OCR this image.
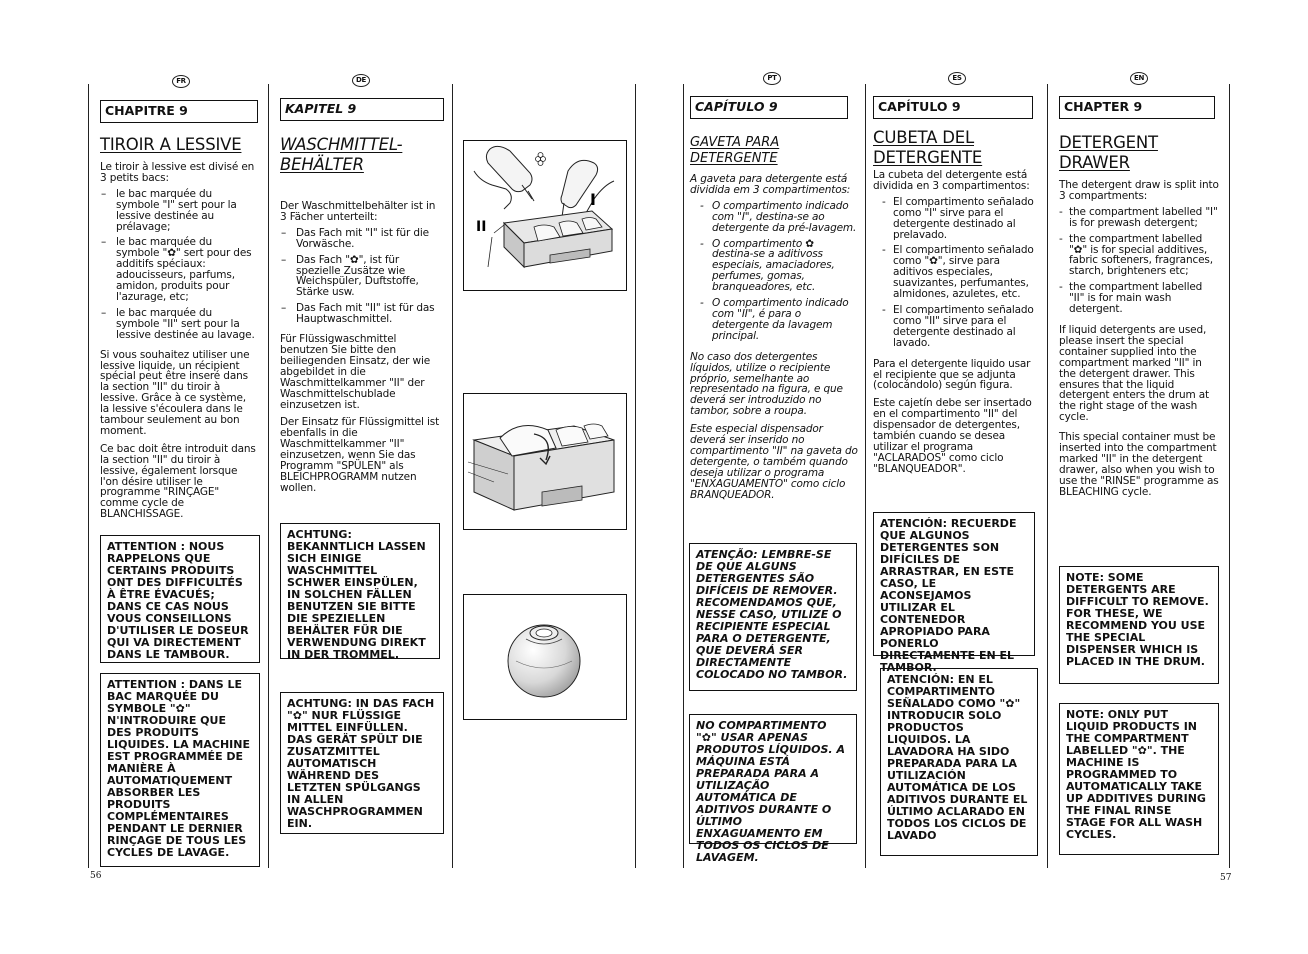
FR	DE	PT	ES	EN
CHAPITRE 9
TIROIR A LESSIVE

Le tiroir à lessive est divisé en 3 petits bacs:

– le bac marquée du symbole "I" sert pour la lessive destinée au prélavage;
– le bac marquée du symbole "✿" sert pour des additifs spéciaux: adoucisseurs, parfums, amidon, produits pour l'azurage, etc;
– le bac marquée du symbole "II" sert pour la lessive destinée au lavage.

Si vous souhaitez utiliser une lessive liquide, un récipient spécial peut être inseré dans la section "II" du tiroir à lessive. Grâce à ce système, la lessive s'écoulera dans le tambour seulement au bon moment.

Ce bac doit être introduit dans la section "II" du tiroir à lessive, également lorsque l'on désire utiliser le programme "RINÇAGE" comme cycle de BLANCHISSAGE.

ATTENTION : NOUS RAPPELONS QUE CERTAINS PRODUITS ONT DES DIFFICULTÉS À ÊTRE ÉVACUÉS; DANS CE CAS NOUS VOUS CONSEILLONS D'UTILISER LE DOSEUR QUI VA DIRECTEMENT DANS LE TAMBOUR.
ATTENTION : DANS LE BAC MARQUÉE DU SYMBOLE "✿" N'INTRODUIRE QUE DES PRODUITS LIQUIDES. LA MACHINE EST PROGRAMMÉE DE MANIÈRE À AUTOMATIQUEMENT ABSORBER LES PRODUITS COMPLÉMENTAIRES PENDANT LE DERNIER RINÇAGE DE TOUS LES CYCLES DE LAVAGE.
KAPITEL 9
WASCHMITTEL- BEHÄLTER

Der Waschmittelbehälter ist in 3 Fächer unterteilt:

– Das Fach mit "I" ist für die Vorwäsche.
– Das Fach "✿", ist für spezielle Zusätze wie Weichspüler, Duftstoffe, Stärke usw.
– Das Fach mit "II" ist für das Hauptwaschmittel.

Für Flüssigwaschmittel benutzen Sie bitte den beiliegenden Einsatz, der wie abgebildet in die Waschmittelkammer "II" der Waschmittelschublade einzusetzen ist.

Der Einsatz für Flüssigmittel ist ebenfalls in die Waschmittelkammer "II" einzusetzen, wenn Sie das Programm "SPÜLEN" als BLEICHPROGRAMM nutzen wollen.

ACHTUNG: BEKANNTLICH LASSEN SICH EINIGE WASCHMITTEL SCHWER EINSPÜLEN, IN SOLCHEN FÄLLEN BENUTZEN SIE BITTE DIE SPEZIELLEN BEHÄLTER FÜR DIE VERWENDUNG DIREKT IN DER TROMMEL.
ACHTUNG: IN DAS FACH "✿" NUR FLÜSSIGE MITTEL EINFÜLLEN. DAS GERÄT SPÜLT DIE ZUSATZMITTEL AUTOMATISCH WÄHREND DES LETZTEN SPÜLGANGS IN ALLEN WASCHPROGRAMMEN EIN.
II
I
CAPÍTULO 9
GAVETA PARA DETERGENTE

A gaveta para detergente está dividida em 3 compartimentos:

- O compartimento indicado com "I", destina-se ao detergente da pré-lavagem.
- O compartimento ✿ destina-se a aditivoss especiais, amaciadores, perfumes, gomas, branqueadores, etc.
- O compartimento indicado com "II", é para o detergente da lavagem principal.

No caso dos detergentes líquidos, utilize o recipiente próprio, semelhante ao representado na figura, e que deverá ser introduzido no tambor, sobre a roupa.

Este especial dispensador deverá ser inserido no compartimento "II" na gaveta do detergente, o também quando deseja utilizar o programa "ENXAGUAMENTO" como ciclo BRANQUEADOR.

ATENÇÃO: LEMBRE-SE DE QUE ALGUNS DETERGENTES SÃO DIFÍCEIS DE REMOVER. RECOMENDAMOS QUE, NESSE CASO, UTILIZE O RECIPIENTE ESPECIAL PARA O DETERGENTE, QUE DEVERÁ SER DIRECTAMENTE COLOCADO NO TAMBOR.
NO COMPARTIMENTO "✿" USAR APENAS PRODUTOS LÍQUIDOS. A MÁQUINA ESTÁ PREPARADA PARA A UTILIZAÇÃO AUTOMÁTICA DE ADITIVOS DURANTE O ÚLTIMO ENXAGUAMENTO EM TODOS OS CICLOS DE LAVAGEM.
CAPÍTULO 9
CUBETA DEL DETERGENTE

La cubeta del detergente está dividida en 3 compartimentos:

- El compartimento señalado como "I" sirve para el detergente destinado al prelavado.
- El compartimento señalado como "✿", sirve para aditivos especiales, suavizantes, perfumantes, almidones, azuletes, etc.
- El compartimento señalado como "II" sirve para el detergente destinado al lavado.

Para el detergente liquido usar el recipiente que se adjunta (colocándolo) según figura.

Este cajetín debe ser insertado en el compartimento "II" del dispensador de detergentes, también cuando se desea utilizar el programa "ACLARADOS" como ciclo "BLANQUEADOR".

ATENCIÓN: RECUERDE QUE ALGUNOS DETERGENTES SON DIFÍCILES DE ARRASTRAR, EN ESTE CASO, LE ACONSEJAMOS UTILIZAR EL CONTENEDOR APROPIADO PARA PONERLO DIRECTAMENTE EN EL TAMBOR.
ATENCIÓN: EN EL COMPARTIMENTO SEÑALADO COMO "✿" INTRODUCIR SOLO PRODUCTOS LIQUIDOS. LA LAVADORA HA SIDO PREPARADA PARA LA UTILIZACIÓN AUTOMÁTICA DE LOS ADITIVOS DURANTE EL ÚLTIMO ACLARADO EN TODOS LOS CICLOS DE LAVADO
CHAPTER 9
DETERGENT DRAWER

The detergent draw is split into 3 compartments:

- the compartment labelled "I" is for prewash detergent;
- the compartment labelled "✿" is for special additives, fabric softeners, fragrances, starch, brighteners etc;
- the compartment labelled "II" is for main wash detergent.

If liquid detergents are used, please insert the special container supplied into the compartment marked "II" in the detergent drawer. This ensures that the liquid detergent enters the drum at the right stage of the wash cycle.

This special container must be inserted into the compartment marked "II" in the detergent drawer, also when you wish to use the "RINSE" programme as BLEACHING cycle.

NOTE: SOME DETERGENTS ARE DIFFICULT TO REMOVE. FOR THESE, WE RECOMMEND YOU USE THE SPECIAL DISPENSER WHICH IS PLACED IN THE DRUM.
NOTE: ONLY PUT LIQUID PRODUCTS IN THE COMPARTMENT LABELLED "✿". THE MACHINE IS PROGRAMMED TO AUTOMATICALLY TAKE UP ADDITIVES DURING THE FINAL RINSE STAGE FOR ALL WASH CYCLES.
56	57
